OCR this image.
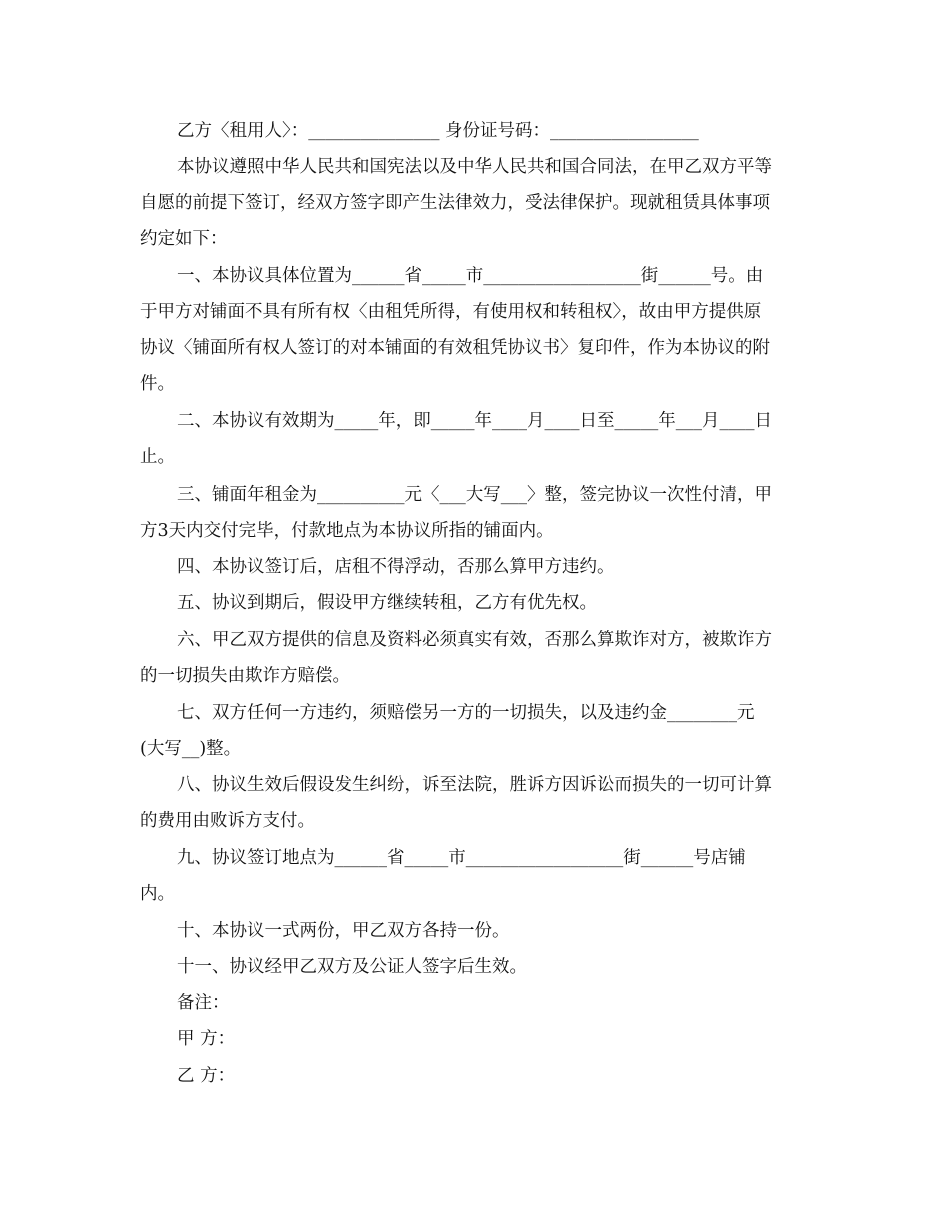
乙方〈租用人〉：_______________ 身份证号码：_________________

本协议遵照中华人民共和国宪法以及中华人民共和国合同法，在甲乙双方平等

自愿的前提下签订，经双方签字即产生法律效力，受法律保护。现就租赁具体事项

约定如下：

一、本协议具体位置为______省_____市__________________街______号。由

于甲方对铺面不具有所有权〈由租凭所得，有使用权和转租权〉，故由甲方提供原

协议〈铺面所有权人签订的对本铺面的有效租凭协议书〉复印件，作为本协议的附

件。

二、本协议有效期为_____年，即_____年____月____日至_____年___月____日

止。

三、铺面年租金为__________元〈___大写___〉整，签完协议一次性付清，甲

方3天内交付完毕，付款地点为本协议所指的铺面内。

四、本协议签订后，店租不得浮动，否那么算甲方违约。

五、协议到期后，假设甲方继续转租，乙方有优先权。

六、甲乙双方提供的信息及资料必须真实有效，否那么算欺诈对方，被欺诈方

的一切损失由欺诈方赔偿。

七、双方任何一方违约，须赔偿另一方的一切损失，以及违约金________元

(大写__)整。

八、协议生效后假设发生纠纷，诉至法院，胜诉方因诉讼而损失的一切可计算

的费用由败诉方支付。

九、协议签订地点为______省_____市__________________街______号店铺

内。

十、本协议一式两份，甲乙双方各持一份。

十一、协议经甲乙双方及公证人签字后生效。

备注：

甲 方：

乙 方：
